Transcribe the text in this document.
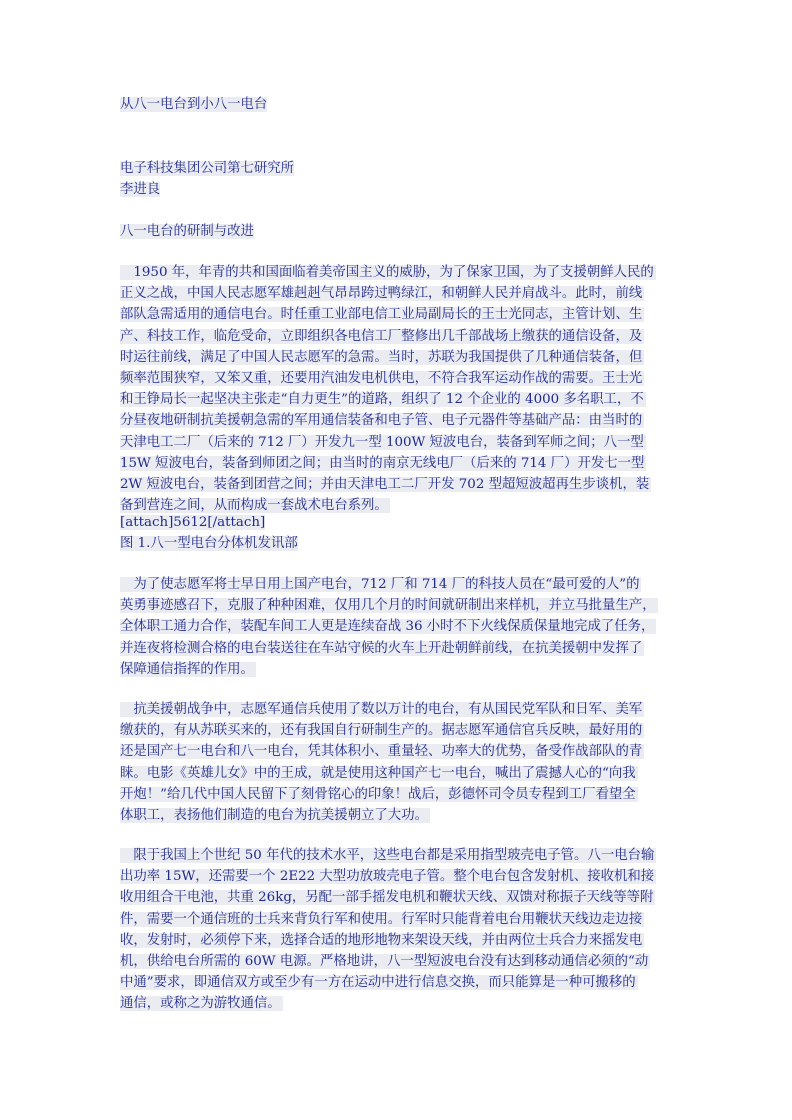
从八一电台到小八一电台
电子科技集团公司第七研究所
李进良
八一电台的研制与改进
　1950 年，年青的共和国面临着美帝国主义的威胁，为了保家卫国，为了支援朝鲜人民的
正义之战，中国人民志愿军雄赳赳气昂昂跨过鸭绿江，和朝鲜人民并肩战斗。此时，前线
部队急需适用的通信电台。时任重工业部电信工业局副局长的王士光同志，主管计划、生
产、科技工作，临危受命，立即组织各电信工厂整修出几千部战场上缴获的通信设备，及
时运往前线，满足了中国人民志愿军的急需。当时，苏联为我国提供了几种通信装备，但
频率范围狭窄，又笨又重，还要用汽油发电机供电，不符合我军运动作战的需要。王士光
和王铮局长一起坚决主张走“自力更生”的道路，组织了 12 个企业的 4000 多名职工，不
分昼夜地研制抗美援朝急需的军用通信装备和电子管、电子元器件等基础产品：由当时的
天津电工二厂（后来的 712 厂）开发九一型 100W 短波电台，装备到军师之间；八一型
15W 短波电台，装备到师团之间；由当时的南京无线电厂（后来的 714 厂）开发七一型
2W 短波电台，装备到团营之间；并由天津电工二厂开发 702 型超短波超再生步谈机，装
备到营连之间，从而构成一套战术电台系列。
[attach]5612[/attach]
图 1.八一型电台分体机发讯部
　为了使志愿军将士早日用上国产电台，712 厂和 714 厂的科技人员在“最可爱的人”的
英勇事迹感召下，克服了种种困难，仅用几个月的时间就研制出来样机，并立马批量生产，
全体职工通力合作，装配车间工人更是连续奋战 36 小时不下火线保质保量地完成了任务，
并连夜将检测合格的电台装送往在车站守候的火车上开赴朝鲜前线，在抗美援朝中发挥了
保障通信指挥的作用。
　抗美援朝战争中，志愿军通信兵使用了数以万计的电台，有从国民党军队和日军、美军
缴获的，有从苏联买来的，还有我国自行研制生产的。据志愿军通信官兵反映，最好用的
还是国产七一电台和八一电台，凭其体积小、重量轻、功率大的优势，备受作战部队的青
睐。电影《英雄儿女》中的王成，就是使用这种国产七一电台，喊出了震撼人心的“向我
开炮！”给几代中国人民留下了刻骨铭心的印象！战后，彭德怀司令员专程到工厂看望全
体职工，表扬他们制造的电台为抗美援朝立了大功。
　限于我国上个世纪 50 年代的技术水平，这些电台都是采用指型玻壳电子管。八一电台输
出功率 15W，还需要一个 2E22 大型功放玻壳电子管。整个电台包含发射机、接收机和接
收用组合干电池，共重 26kg，另配一部手摇发电机和鞭状天线、双馈对称振子天线等等附
件，需要一个通信班的士兵来背负行军和使用。行军时只能背着电台用鞭状天线边走边接
收，发射时，必须停下来，选择合适的地形地物来架设天线，并由两位士兵合力来摇发电
机，供给电台所需的 60W 电源。严格地讲，八一型短波电台没有达到移动通信必须的“动
中通”要求，即通信双方或至少有一方在运动中进行信息交换，而只能算是一种可搬移的
通信，或称之为游牧通信。
